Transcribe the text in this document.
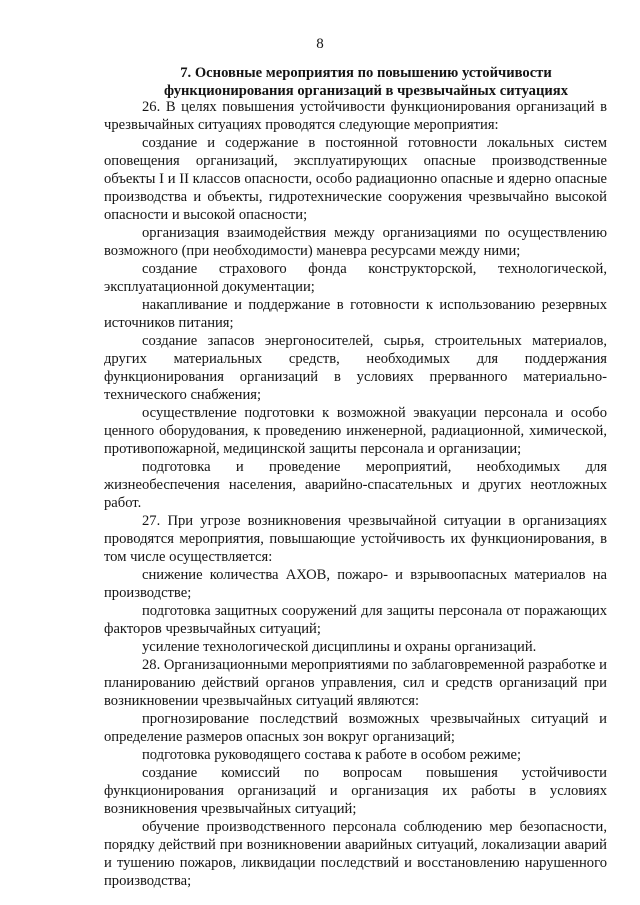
8
7. Основные мероприятия по повышению устойчивости функционирования организаций в чрезвычайных ситуациях

26. В целях повышения устойчивости функционирования организаций в чрезвычайных ситуациях проводятся следующие мероприятия:

создание и содержание в постоянной готовности локальных систем оповещения организаций, эксплуатирующих опасные производственные объекты I и II классов опасности, особо радиационно опасные и ядерно опасные производства и объекты, гидротехнические сооружения чрезвычайно высокой опасности и высокой опасности;

организация взаимодействия между организациями по осуществлению возможного (при необходимости) маневра ресурсами между ними;

создание страхового фонда конструкторской, технологической, эксплуатационной документации;

накапливание и поддержание в готовности к использованию резервных источников питания;

создание запасов энергоносителей, сырья, строительных материалов, других материальных средств, необходимых для поддержания функционирования организаций в условиях прерванного материально-технического снабжения;

осуществление подготовки к возможной эвакуации персонала и особо ценного оборудования, к проведению инженерной, радиационной, химической, противопожарной, медицинской защиты персонала и организации;

подготовка и проведение мероприятий, необходимых для жизнеобеспечения населения, аварийно-спасательных и других неотложных работ.

27. При угрозе возникновения чрезвычайной ситуации в организациях проводятся мероприятия, повышающие устойчивость их функционирования, в том числе осуществляется:

снижение количества АХОВ, пожаро- и взрывоопасных материалов на производстве;

подготовка защитных сооружений для защиты персонала от поражающих факторов чрезвычайных ситуаций;

усиление технологической дисциплины и охраны организаций.

28. Организационными мероприятиями по заблаговременной разработке и планированию действий органов управления, сил и средств организаций при возникновении чрезвычайных ситуаций являются:

прогнозирование последствий возможных чрезвычайных ситуаций и определение размеров опасных зон вокруг организаций;

подготовка руководящего состава к работе в особом режиме;

создание комиссий по вопросам повышения устойчивости функционирования организаций и организация их работы в условиях возникновения чрезвычайных ситуаций;

обучение производственного персонала соблюдению мер безопасности, порядку действий при возникновении аварийных ситуаций, локализации аварий и тушению пожаров, ликвидации последствий и восстановлению нарушенного производства;
